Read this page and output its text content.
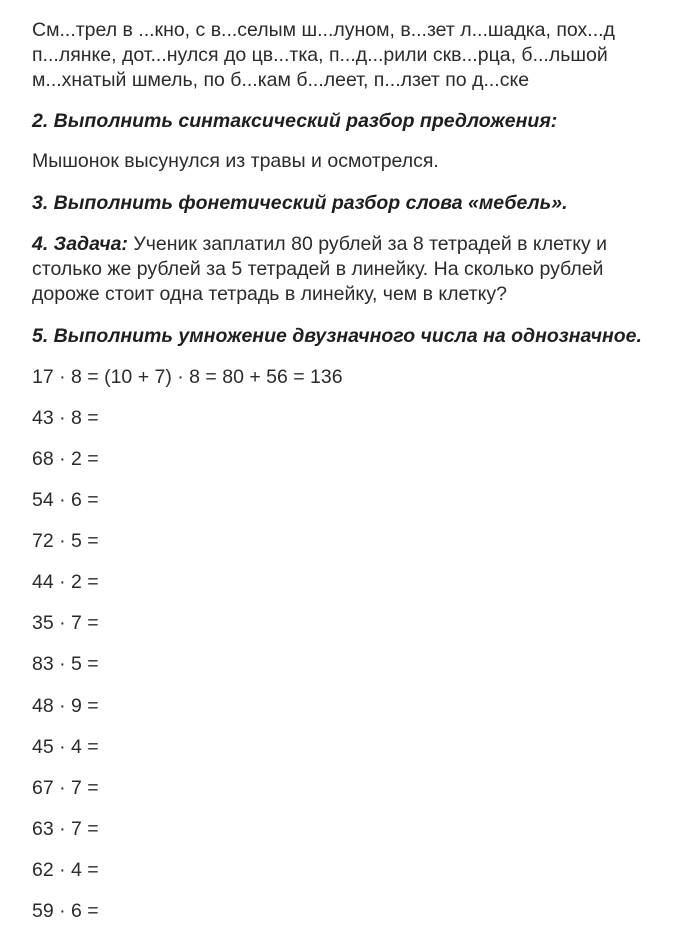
См...трел в ...кно, с в...селым ш...луном, в...зет л...шадка, пох...д
п...лянке, дот...нулся до цв...тка, п...д...рили скв...рца, б...льшой
м...хнатый шмель, по б...кам б...леет, п...лзет по д...ске
2. Выполнить синтаксический разбор предложения:
Мышонок высунулся из травы и осмотрелся.
3. Выполнить фонетический разбор слова «мебель».
4. Задача: Ученик заплатил 80 рублей за 8 тетрадей в клетку и
столько же рублей за 5 тетрадей в линейку. На сколько рублей
дороже стоит одна тетрадь в линейку, чем в клетку?
5. Выполнить умножение двузначного числа на однозначное.
17 · 8 = (10 + 7) · 8 = 80 + 56 = 136
43 · 8 =
68 · 2 =
54 · 6 =
72 · 5 =
44 · 2 =
35 · 7 =
83 · 5 =
48 · 9 =
45 · 4 =
67 · 7 =
63 · 7 =
62 · 4 =
59 · 6 =
